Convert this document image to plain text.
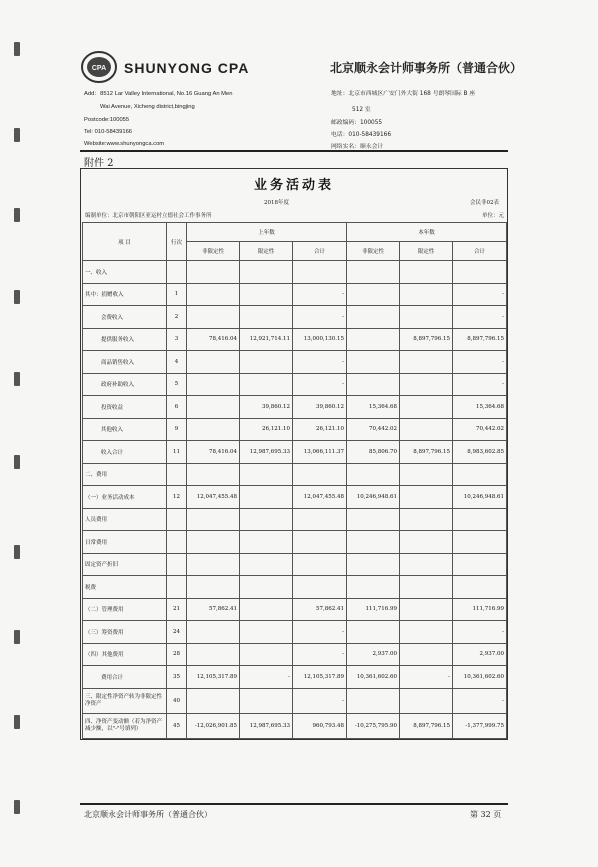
CPA SHUNYONG CPA	北京顺永会计师事务所（普通合伙）
Add：8512 Lar Valley International, No.16 Guang An Men
Wai Avenue, Xicheng district,bingjing
Postcode:100055
Tel: 010-58439166
Website:www.shunyongca.com
地址：北京市西城区广安门外大街 168 号朗琴国际 B 座
512 室
邮政编码：100055
电话：010-58439166
网络实名：顺永会计
附件 2
业务活动表
2018年度	会民非02表
编制单位：北京市朝阳区亚运村立德社会工作事务所	单位：元
项 目	行次	上年数			本年数		
		非限定性	限定性	合计	非限定性	限定性	合计
一、收入							
其中：捐赠收入	1			-			-
会费收入	2			-			-
提供服务收入	3	78,416.04	12,921,714.11	13,000,130.15		8,897,796.15	8,897,796.15
商品销售收入	4			-			-
政府补助收入	5			-			-
投资收益	6		39,860.12	39,860.12	15,364.68		15,364.68
其他收入	9		26,121.10	26,121.10	70,442.02		70,442.02
收入合计	11	78,416.04	12,987,695.33	13,066,111.37	85,806.70	8,897,796.15	8,983,602.85
二、费用							
（一）业务活动成本	12	12,047,455.48		12,047,455.48	10,246,948.61		10,246,948.61
人员费用							
日常费用							
固定资产折旧							
税费							
（二）管理费用	21	57,862.41		57,862.41	111,716.99		111,716.99
（三）筹资费用	24			-			-
（四）其他费用	28			-	2,937.00		2,937.00
费用合计	35	12,105,317.89	-	12,105,317.89	10,361,602.60	-	10,361,602.60
三、限定性净资产转为非限定性净资产	40			-			-
四、净资产变动额（若为净资产减少额，以"-"号填列）	45	-12,026,901.85	12,987,695.33	960,793.48	-10,275,795.90	8,897,796.15	-1,377,999.75
北京顺永会计师事务所（普通合伙）	第 32 页
